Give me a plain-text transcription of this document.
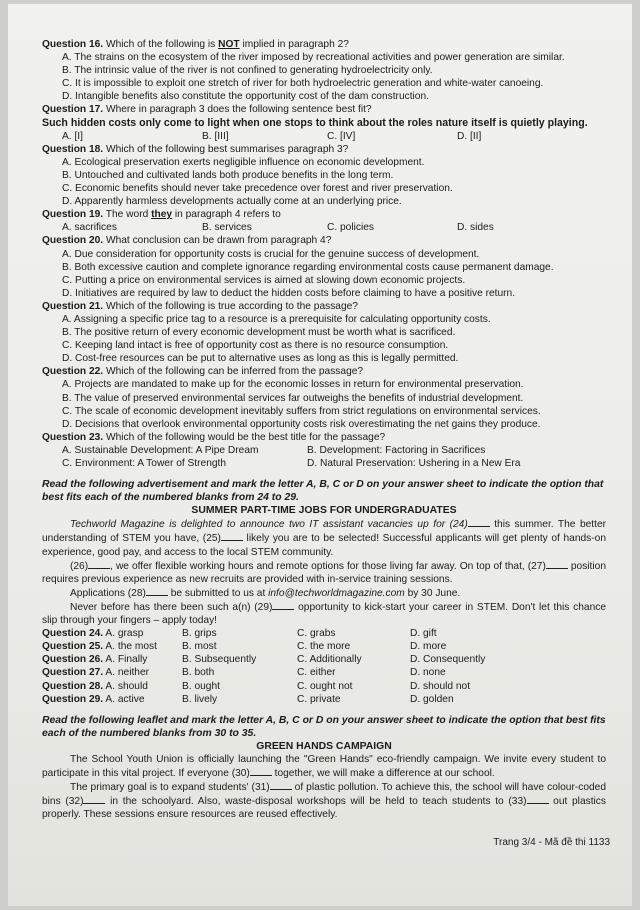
Question 16. Which of the following is NOT implied in paragraph 2?
A. The strains on the ecosystem of the river imposed by recreational activities and power generation are similar.
B. The intrinsic value of the river is not confined to generating hydroelectricity only.
C. It is impossible to exploit one stretch of river for both hydroelectric generation and white-water canoeing.
D. Intangible benefits also constitute the opportunity cost of the dam construction.
Question 17. Where in paragraph 3 does the following sentence best fit?
Such hidden costs only come to light when one stops to think about the roles nature itself is quietly playing.
A. [I]	B. [III]	C. [IV]	D. [II]
Question 18. Which of the following best summarises paragraph 3?
A. Ecological preservation exerts negligible influence on economic development.
B. Untouched and cultivated lands both produce benefits in the long term.
C. Economic benefits should never take precedence over forest and river preservation.
D. Apparently harmless developments actually come at an underlying price.
Question 19. The word they in paragraph 4 refers to
A. sacrifices	B. services	C. policies	D. sides
Question 20. What conclusion can be drawn from paragraph 4?
A. Due consideration for opportunity costs is crucial for the genuine success of development.
B. Both excessive caution and complete ignorance regarding environmental costs cause permanent damage.
C. Putting a price on environmental services is aimed at slowing down economic projects.
D. Initiatives are required by law to deduct the hidden costs before claiming to have a positive return.
Question 21. Which of the following is true according to the passage?
A. Assigning a specific price tag to a resource is a prerequisite for calculating opportunity costs.
B. The positive return of every economic development must be worth what is sacrificed.
C. Keeping land intact is free of opportunity cost as there is no resource consumption.
D. Cost-free resources can be put to alternative uses as long as this is legally permitted.
Question 22. Which of the following can be inferred from the passage?
A. Projects are mandated to make up for the economic losses in return for environmental preservation.
B. The value of preserved environmental services far outweighs the benefits of industrial development.
C. The scale of economic development inevitably suffers from strict regulations on environmental services.
D. Decisions that overlook environmental opportunity costs risk overestimating the net gains they produce.
Question 23. Which of the following would be the best title for the passage?
A. Sustainable Development: A Pipe Dream	B. Development: Factoring in Sacrifices
C. Environment: A Tower of Strength	D. Natural Preservation: Ushering in a New Era
Read the following advertisement and mark the letter A, B, C or D on your answer sheet to indicate the option that best fits each of the numbered blanks from 24 to 29.
SUMMER PART-TIME JOBS FOR UNDERGRADUATES
Techworld Magazine is delighted to announce two IT assistant vacancies up for (24) this summer. The better understanding of STEM you have, (25) likely you are to be selected! Successful applicants will get plenty of hands-on experience, good pay, and access to the local STEM community.
(26) , we offer flexible working hours and remote options for those living far away. On top of that, (27) position requires previous experience as new recruits are provided with in-service training sessions.
Applications (28) be submitted to us at info@techworldmagazine.com by 30 June.
Never before has there been such a(n) (29) opportunity to kick-start your career in STEM. Don't let this chance slip through your fingers – apply today!
Question 24. A. grasp	B. grips	C. grabs	D. gift
Question 25. A. the most	B. most	C. the more	D. more
Question 26. A. Finally	B. Subsequently	C. Additionally	D. Consequently
Question 27. A. neither	B. both	C. either	D. none
Question 28. A. should	B. ought	C. ought not	D. should not
Question 29. A. active	B. lively	C. private	D. golden
Read the following leaflet and mark the letter A, B, C or D on your answer sheet to indicate the option that best fits each of the numbered blanks from 30 to 35.
GREEN HANDS CAMPAIGN
The School Youth Union is officially launching the "Green Hands" eco-friendly campaign. We invite every student to participate in this vital project. If everyone (30) together, we will make a difference at our school.
The primary goal is to expand students' (31) of plastic pollution. To achieve this, the school will have colour-coded bins (32) in the schoolyard. Also, waste-disposal workshops will be held to teach students to (33) out plastics properly. These sessions ensure resources are reused effectively.
Trang 3/4 - Mã đề thi 1133
